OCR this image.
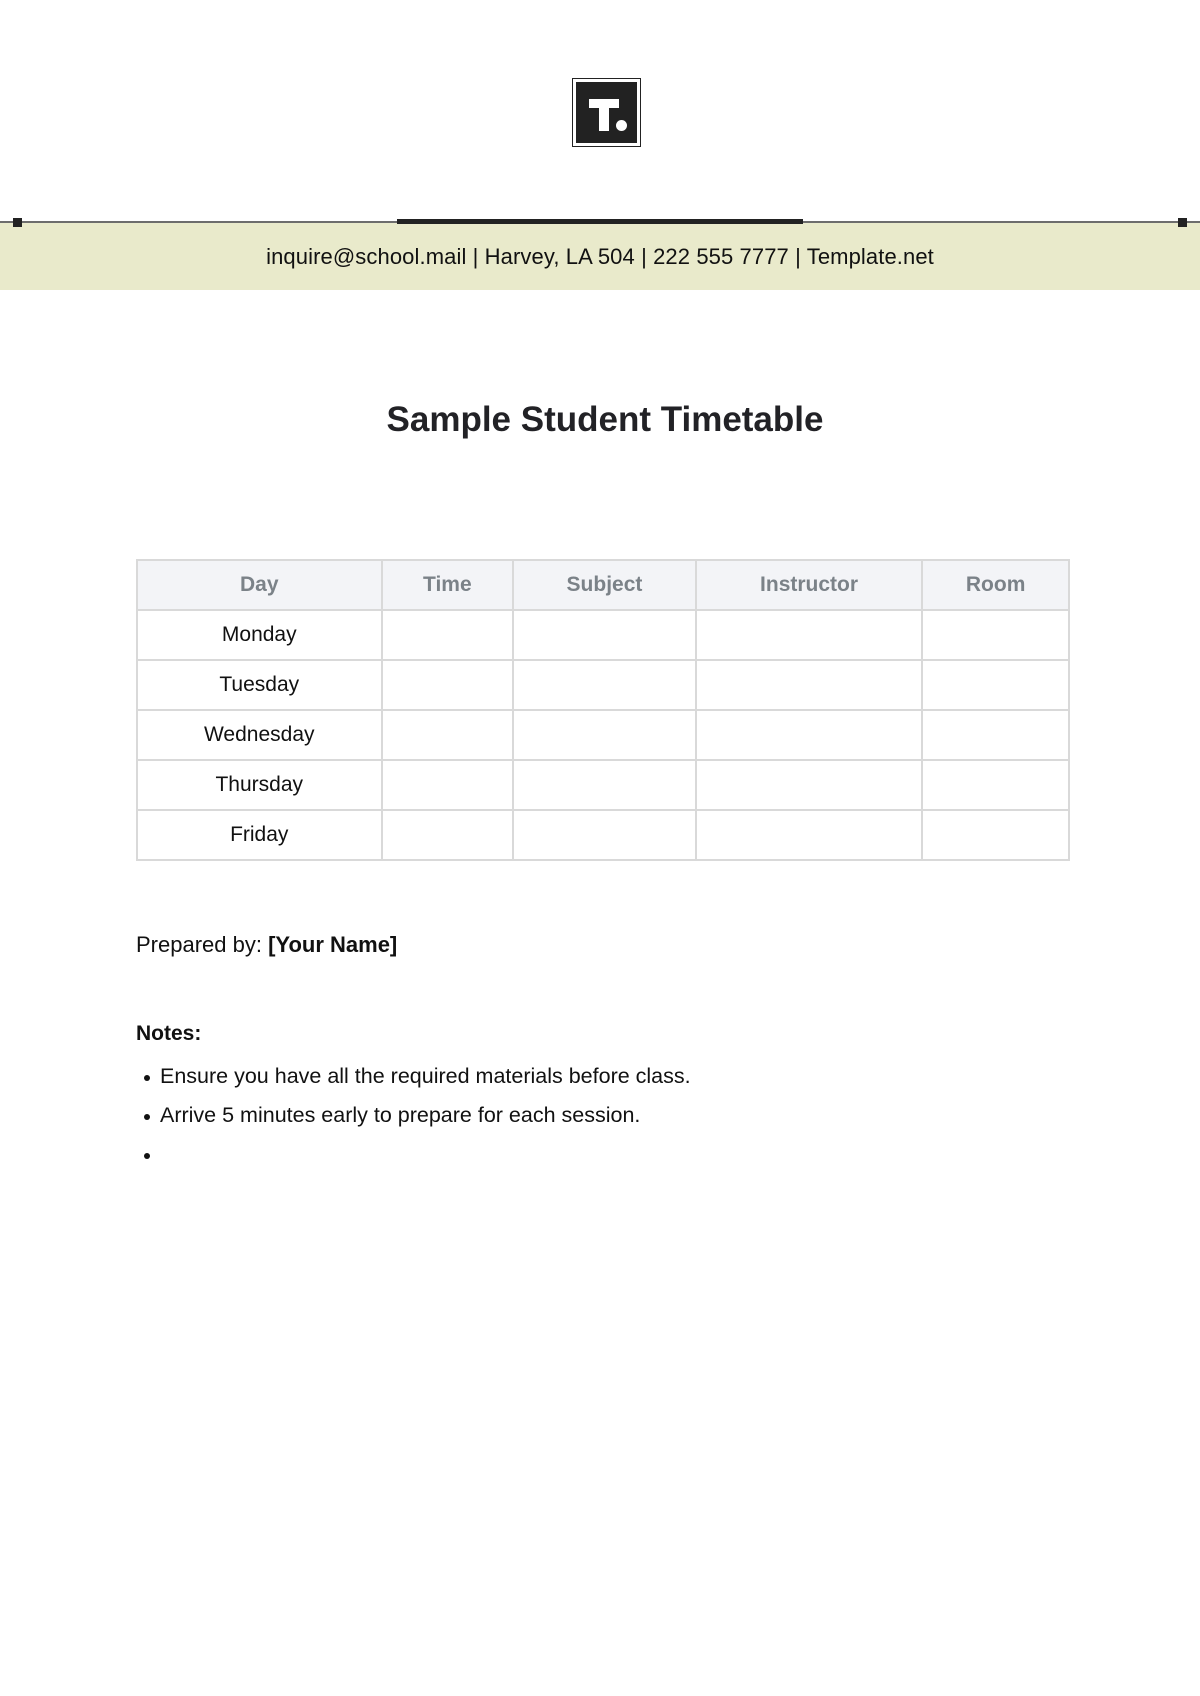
inquire@school.mail | Harvey, LA 504 | 222 555 7777 | Template.net
Sample Student Timetable
Day	Time	Subject	Instructor	Room
Monday				
Tuesday				
Wednesday				
Thursday				
Friday				
Prepared by: [Your Name]
Notes:
Ensure you have all the required materials before class.
Arrive 5 minutes early to prepare for each session.
